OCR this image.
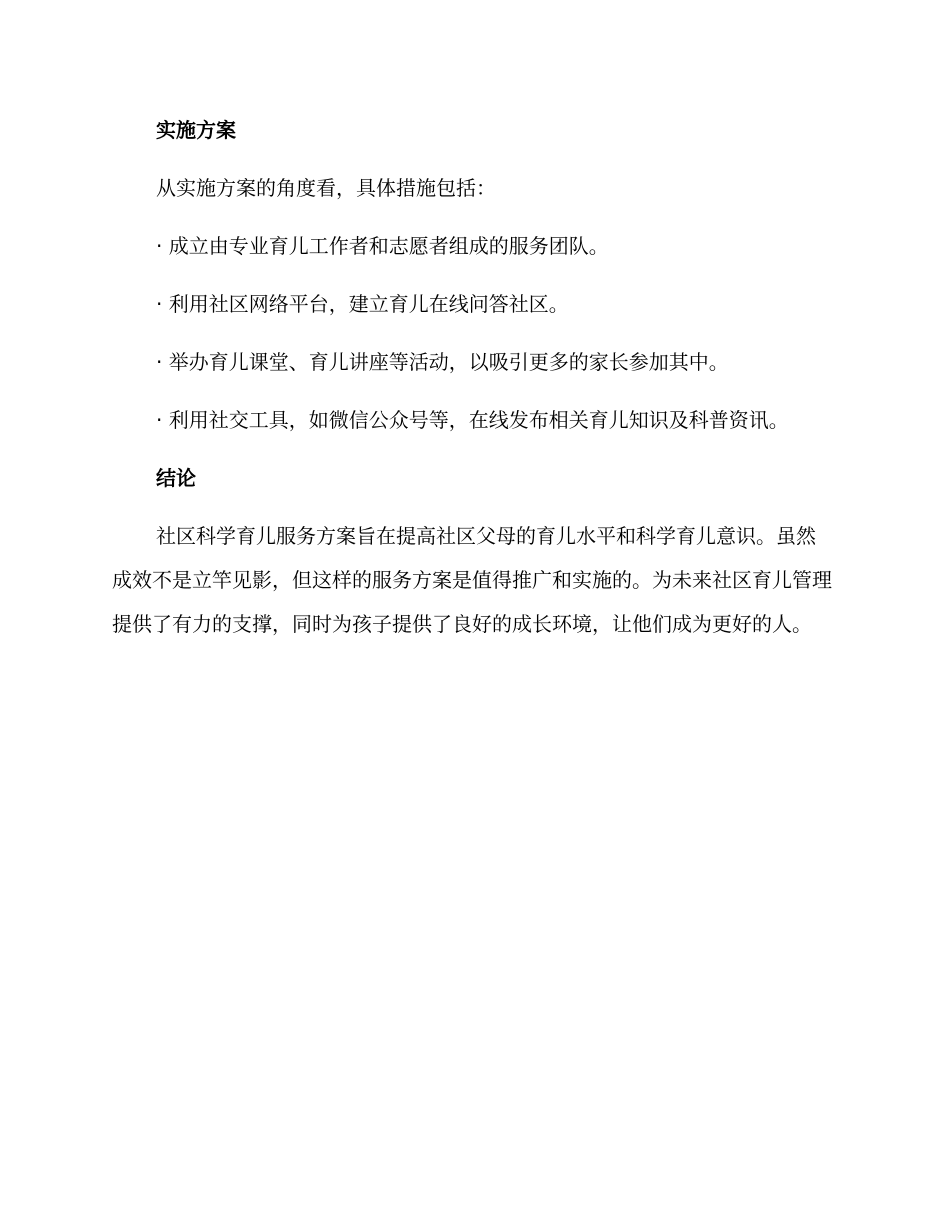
实施方案
从实施方案的角度看，具体措施包括：
· 成立由专业育儿工作者和志愿者组成的服务团队。
· 利用社区网络平台，建立育儿在线问答社区。
· 举办育儿课堂、育儿讲座等活动，以吸引更多的家长参加其中。
· 利用社交工具，如微信公众号等，在线发布相关育儿知识及科普资讯。
结论
社区科学育儿服务方案旨在提高社区父母的育儿水平和科学育儿意识。虽然成效不是立竿见影，但这样的服务方案是值得推广和实施的。为未来社区育儿管理提供了有力的支撑，同时为孩子提供了良好的成长环境，让他们成为更好的人。
